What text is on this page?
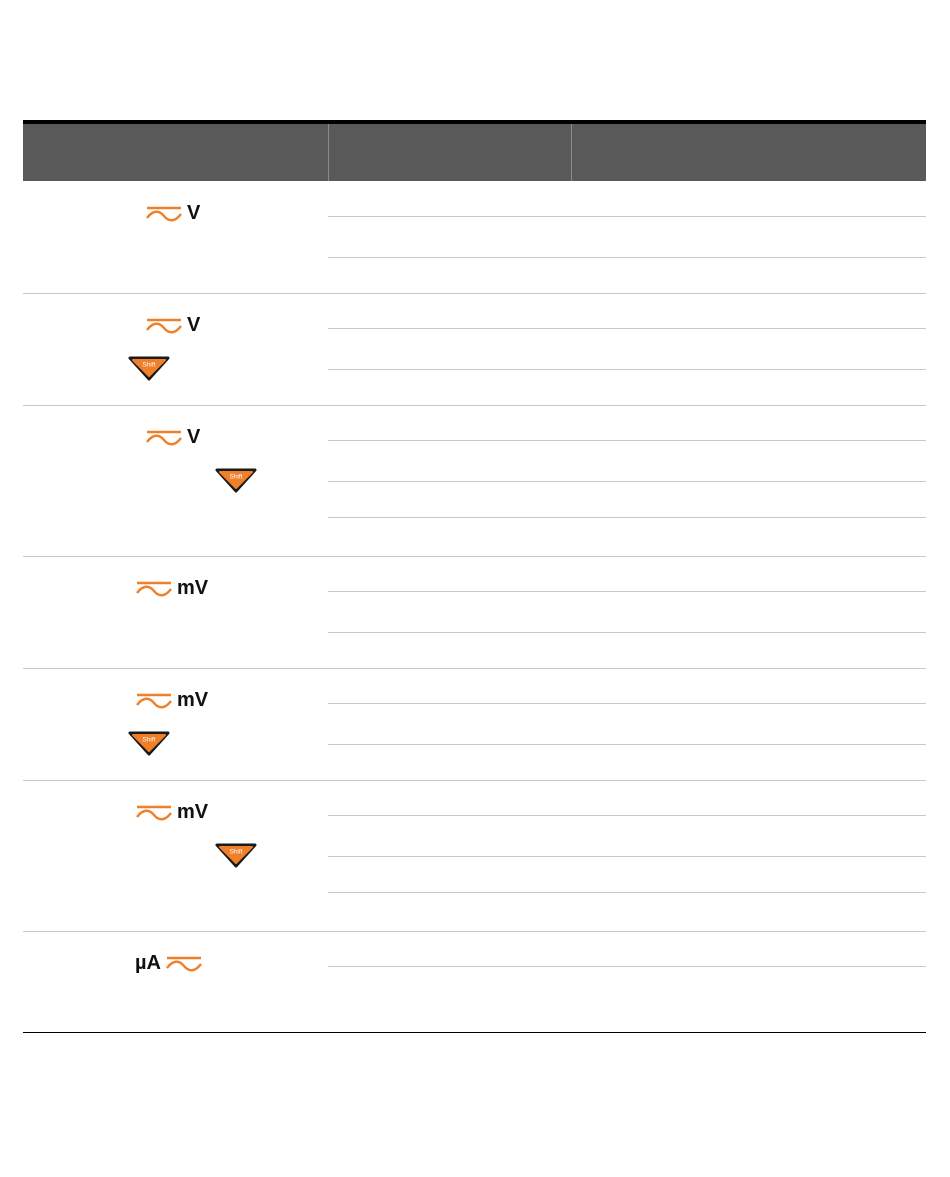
V
V
Shift
V
Shift
mV
mV
Shift
mV
Shift
µA
